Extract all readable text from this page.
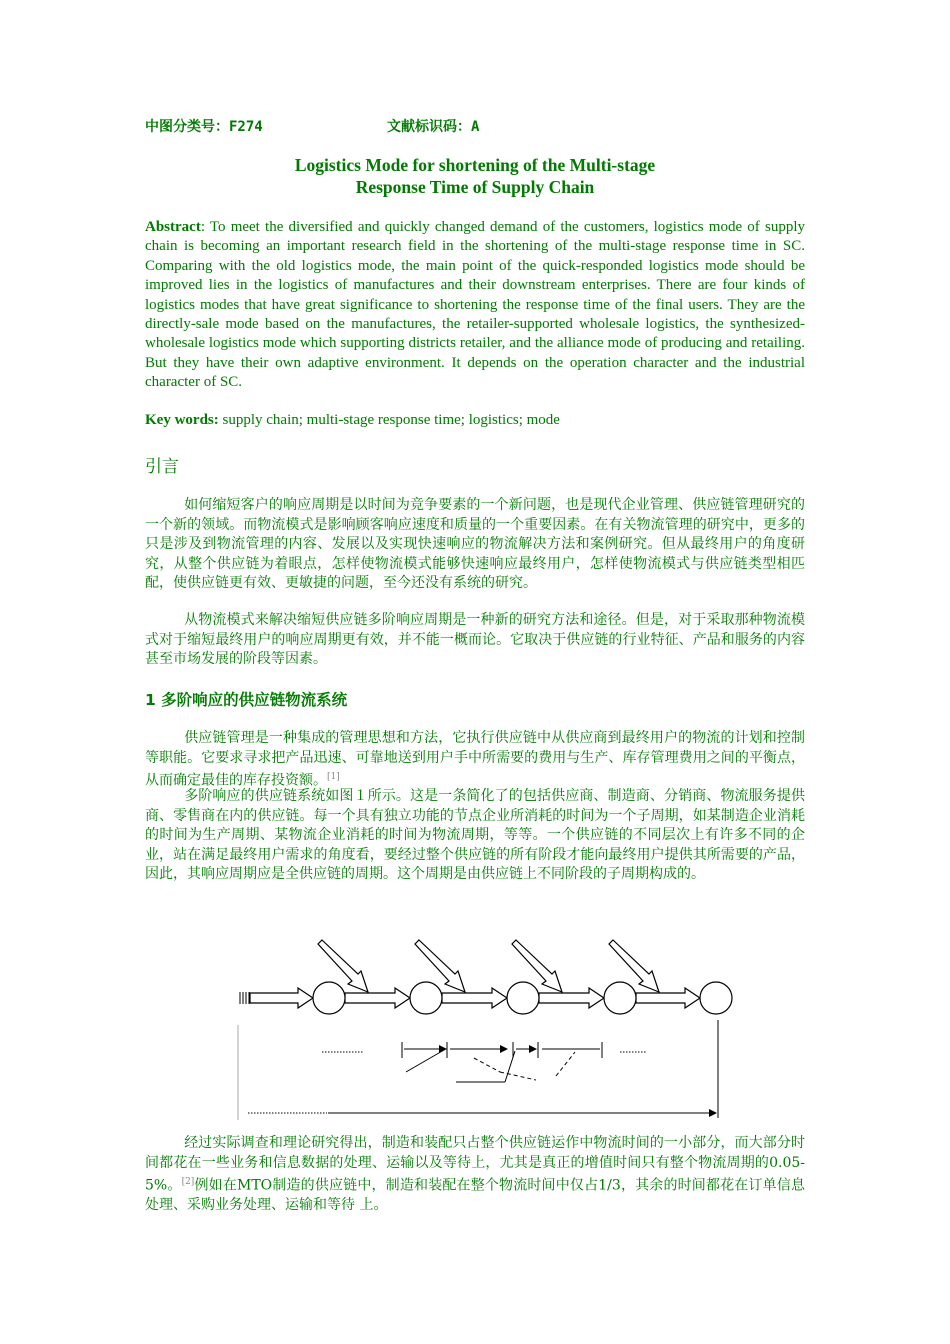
中图分类号：F274	文献标识码：A
Logistics Mode for shortening of the Multi-stage
Response Time of Supply Chain
Abstract: To meet the diversified and quickly changed demand of the customers, logistics mode of supply chain is becoming an important research field in the shortening of the multi-stage response time in SC. Comparing with the old logistics mode, the main point of the quick-responded logistics mode should be improved lies in the logistics of manufactures and their downstream enterprises. There are four kinds of logistics modes that have great significance to shortening the response time of the final users. They are the directly-sale mode based on the manufactures, the retailer-supported wholesale logistics, the synthesized-wholesale logistics mode which supporting districts retailer, and the alliance mode of producing and retailing. But they have their own adaptive environment. It depends on the operation character and the industrial character of SC.
Key words: supply chain; multi-stage response time; logistics; mode
引言
如何缩短客户的响应周期是以时间为竞争要素的一个新问题，也是现代企业管理、供应链管理研究的一个新的领域。而物流模式是影响顾客响应速度和质量的一个重要因素。在有关物流管理的研究中，更多的只是涉及到物流管理的内容、发展以及实现快速响应的物流解决方法和案例研究。但从最终用户的角度研究，从整个供应链为着眼点，怎样使物流模式能够快速响应最终用户，怎样使物流模式与供应链类型相匹配，使供应链更有效、更敏捷的问题，至今还没有系统的研究。
从物流模式来解决缩短供应链多阶响应周期是一种新的研究方法和途径。但是，对于采取那种物流模式对于缩短最终用户的响应周期更有效，并不能一概而论。它取决于供应链的行业特征、产品和服务的内容甚至市场发展的阶段等因素。
1 多阶响应的供应链物流系统
供应链管理是一种集成的管理思想和方法，它执行供应链中从供应商到最终用户的物流的计划和控制等职能。它要求寻求把产品迅速、可靠地送到用户手中所需要的费用与生产、库存管理费用之间的平衡点，从而确定最佳的库存投资额。[1]
多阶响应的供应链系统如图１所示。这是一条简化了的包括供应商、制造商、分销商、物流服务提供商、零售商在内的供应链。每一个具有独立功能的节点企业所消耗的时间为一个子周期，如某制造企业消耗的时间为生产周期、某物流企业消耗的时间为物流周期，等等。一个供应链的不同层次上有许多不同的企业，站在满足最终用户需求的角度看，要经过整个供应链的所有阶段才能向最终用户提供其所需要的产品，因此，其响应周期应是全供应链的周期。这个周期是由供应链上不同阶段的子周期构成的。
经过实际调查和理论研究得出，制造和装配只占整个供应链运作中物流时间的一小部分，而大部分时间都花在一些业务和信息数据的处理、运输以及等待上，尤其是真正的增值时间只有整个物流周期的0.05-5%。[2]例如在MTO制造的供应链中，制造和装配在整个物流时间中仅占1/3，其余的时间都花在订单信息处理、采购业务处理、运输和等待 上。
